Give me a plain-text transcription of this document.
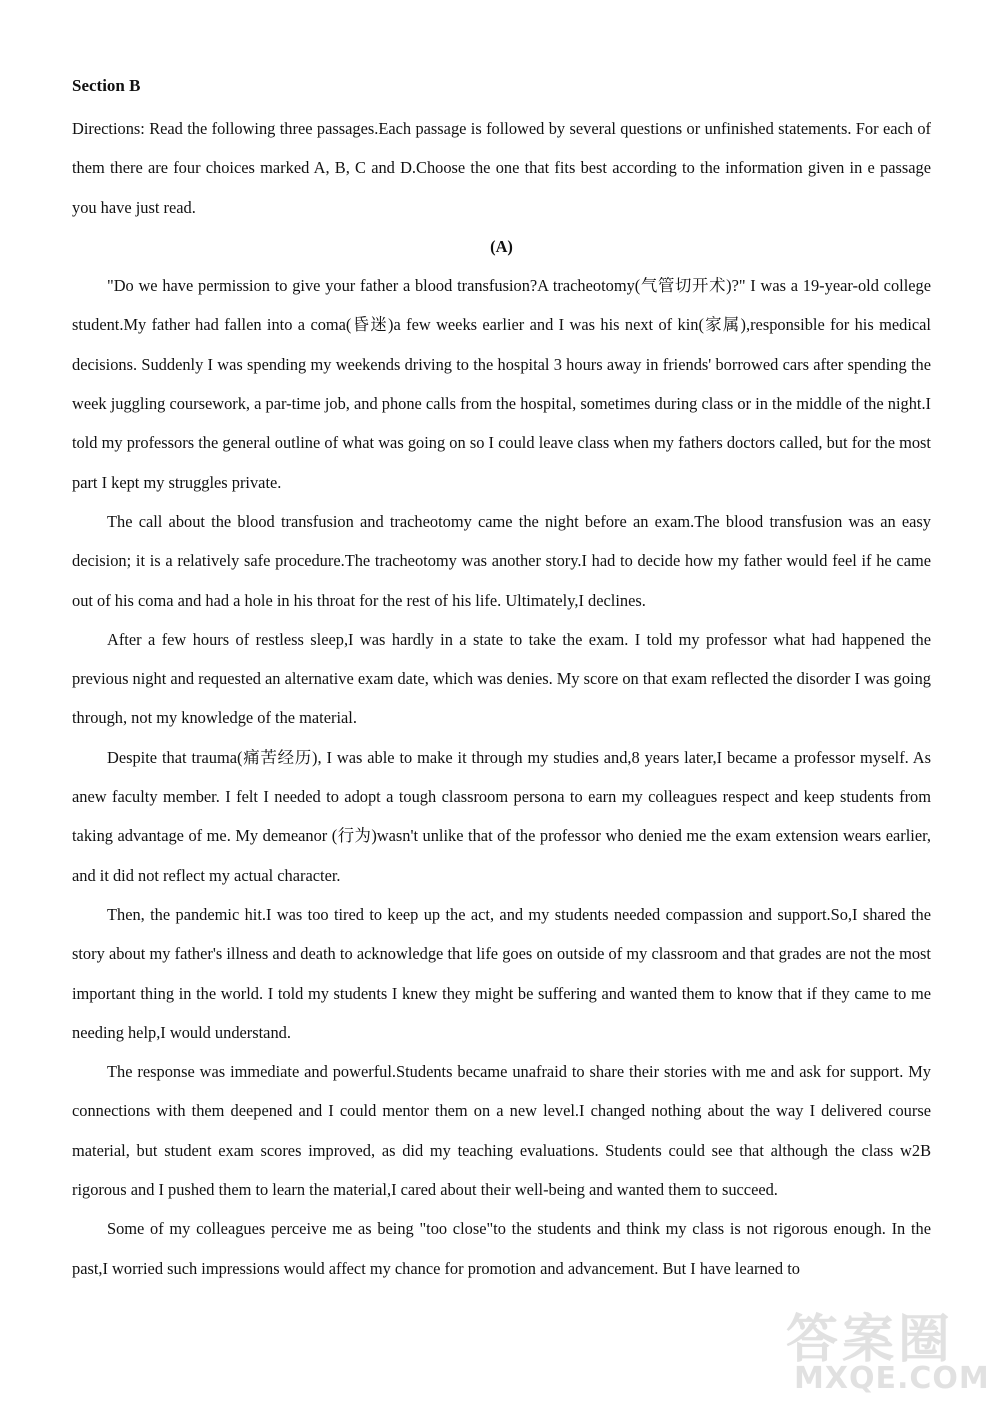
Section B

Directions: Read the following three passages.Each passage is followed by several questions or unfinished statements. For each of them there are four choices marked A, B, C and D.Choose the one that fits best according to the information given in e passage you have just read.

(A)

"Do we have permission to give your father a blood transfusion?A tracheotomy(气管切开术)?" I was a 19-year-old college student.My father had fallen into a coma(昏迷)a few weeks earlier and I was his next of kin(家属),responsible for his medical decisions. Suddenly I was spending my weekends driving to the hospital 3 hours away in friends' borrowed cars after spending the week juggling coursework, a par-time job, and phone calls from the hospital, sometimes during class or in the middle of the night.I told my professors the general outline of what was going on so I could leave class when my fathers doctors called, but for the most part I kept my struggles private.

The call about the blood transfusion and tracheotomy came the night before an exam.The blood transfusion was an easy decision; it is a relatively safe procedure.The tracheotomy was another story.I had to decide how my father would feel if he came out of his coma and had a hole in his throat for the rest of his life. Ultimately,I declines.

After a few hours of restless sleep,I was hardly in a state to take the exam. I told my professor what had happened the previous night and requested an alternative exam date, which was denies. My score on that exam reflected the disorder I was going through, not my knowledge of the material.

Despite that trauma(痛苦经历), I was able to make it through my studies and,8 years later,I became a professor myself. As anew faculty member. I felt I needed to adopt a tough classroom persona to earn my colleagues respect and keep students from taking advantage of me. My demeanor (行为)wasn't unlike that of the professor who denied me the exam extension wears earlier, and it did not reflect my actual character.

Then, the pandemic hit.I was too tired to keep up the act, and my students needed compassion and support.So,I shared the story about my father's illness and death to acknowledge that life goes on outside of my classroom and that grades are not the most important thing in the world. I told my students I knew they might be suffering and wanted them to know that if they came to me needing help,I would understand.

The response was immediate and powerful.Students became unafraid to share their stories with me and ask for support. My connections with them deepened and I could mentor them on a new level.I changed nothing about the way I delivered course material, but student exam scores improved, as did my teaching evaluations. Students could see that although the class w2B rigorous and I pushed them to learn the material,I cared about their well-being and wanted them to succeed.

Some of my colleagues perceive me as being "too close"to the students and think my class is not rigorous enough. In the past,I worried such impressions would affect my chance for promotion and advancement. But I have learned to

答案圈
MXQE.COM
